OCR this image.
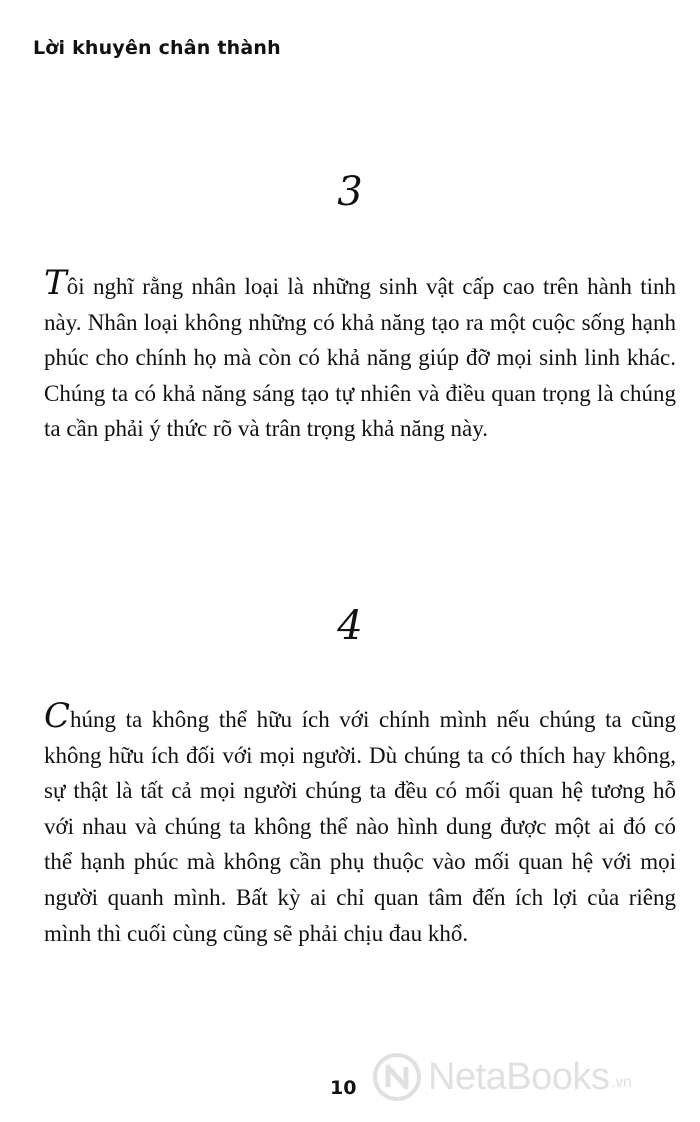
Lời khuyên chân thành
3

Tôi nghĩ rằng nhân loại là những sinh vật cấp cao trên hành tinh này. Nhân loại không những có khả năng tạo ra một cuộc sống hạnh phúc cho chính họ mà còn có khả năng giúp đỡ mọi sinh linh khác. Chúng ta có khả năng sáng tạo tự nhiên và điều quan trọng là chúng ta cần phải ý thức rõ và trân trọng khả năng này.

4

Chúng ta không thể hữu ích với chính mình nếu chúng ta cũng không hữu ích đối với mọi người. Dù chúng ta có thích hay không, sự thật là tất cả mọi người chúng ta đều có mối quan hệ tương hỗ với nhau và chúng ta không thể nào hình dung được một ai đó có thể hạnh phúc mà không cần phụ thuộc vào mối quan hệ với mọi người quanh mình. Bất kỳ ai chỉ quan tâm đến ích lợi của riêng mình thì cuối cùng cũng sẽ phải chịu đau khổ.

10 NetaBooks .vn
